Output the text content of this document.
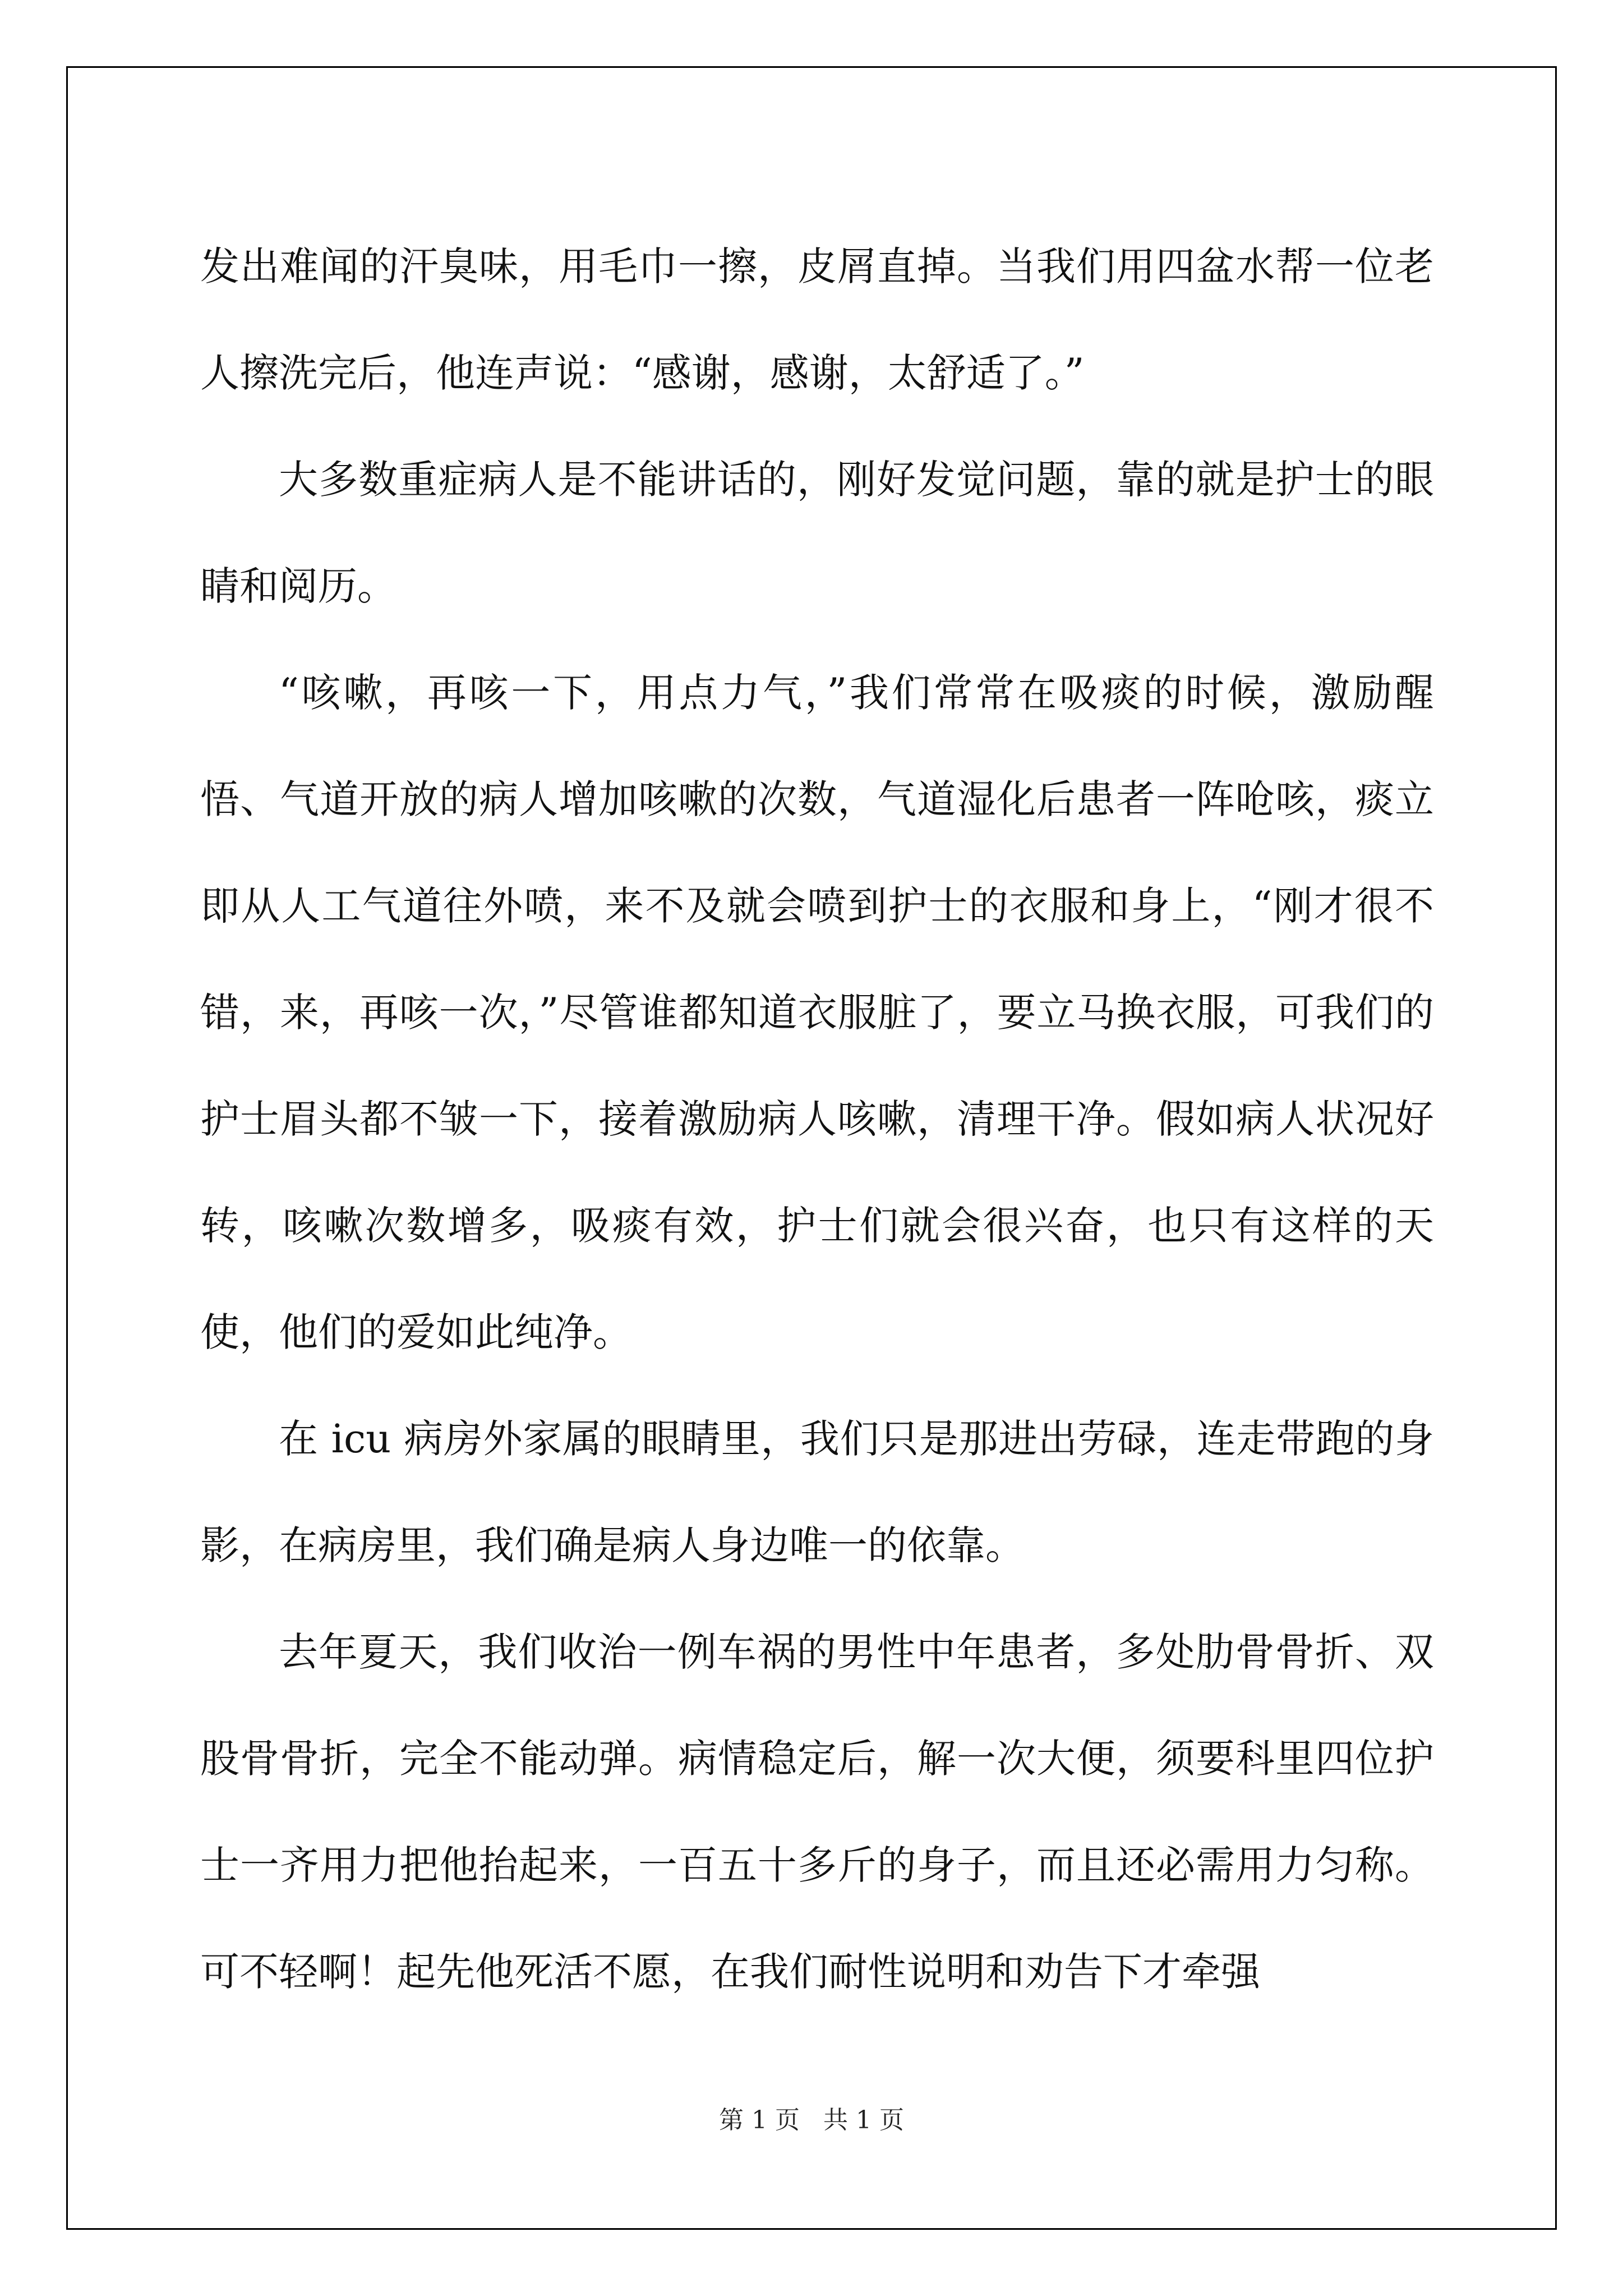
发出难闻的汗臭味，用毛巾一擦，皮屑直掉。当我们用四盆水帮一位老人擦洗完后，他连声说：“感谢，感谢，太舒适了。”

大多数重症病人是不能讲话的，刚好发觉问题，靠的就是护士的眼睛和阅历。

“咳嗽，再咳一下，用点力气，”我们常常在吸痰的时候，激励醒悟、气道开放的病人增加咳嗽的次数，气道湿化后患者一阵呛咳，痰立即从人工气道往外喷，来不及就会喷到护士的衣服和身上，“刚才很不错，来，再咳一次，”尽管谁都知道衣服脏了，要立马换衣服，可我们的护士眉头都不皱一下，接着激励病人咳嗽，清理干净。假如病人状况好转，咳嗽次数增多，吸痰有效，护士们就会很兴奋，也只有这样的天使，他们的爱如此纯净。

在 icu 病房外家属的眼睛里，我们只是那进出劳碌，连走带跑的身影，在病房里，我们确是病人身边唯一的依靠。

去年夏天，我们收治一例车祸的男性中年患者，多处肋骨骨折、双股骨骨折，完全不能动弹。病情稳定后，解一次大便，须要科里四位护士一齐用力把他抬起来，一百五十多斤的身子，而且还必需用力匀称。可不轻啊！起先他死活不愿，在我们耐性说明和劝告下才牵强

第 1 页 共 1 页
